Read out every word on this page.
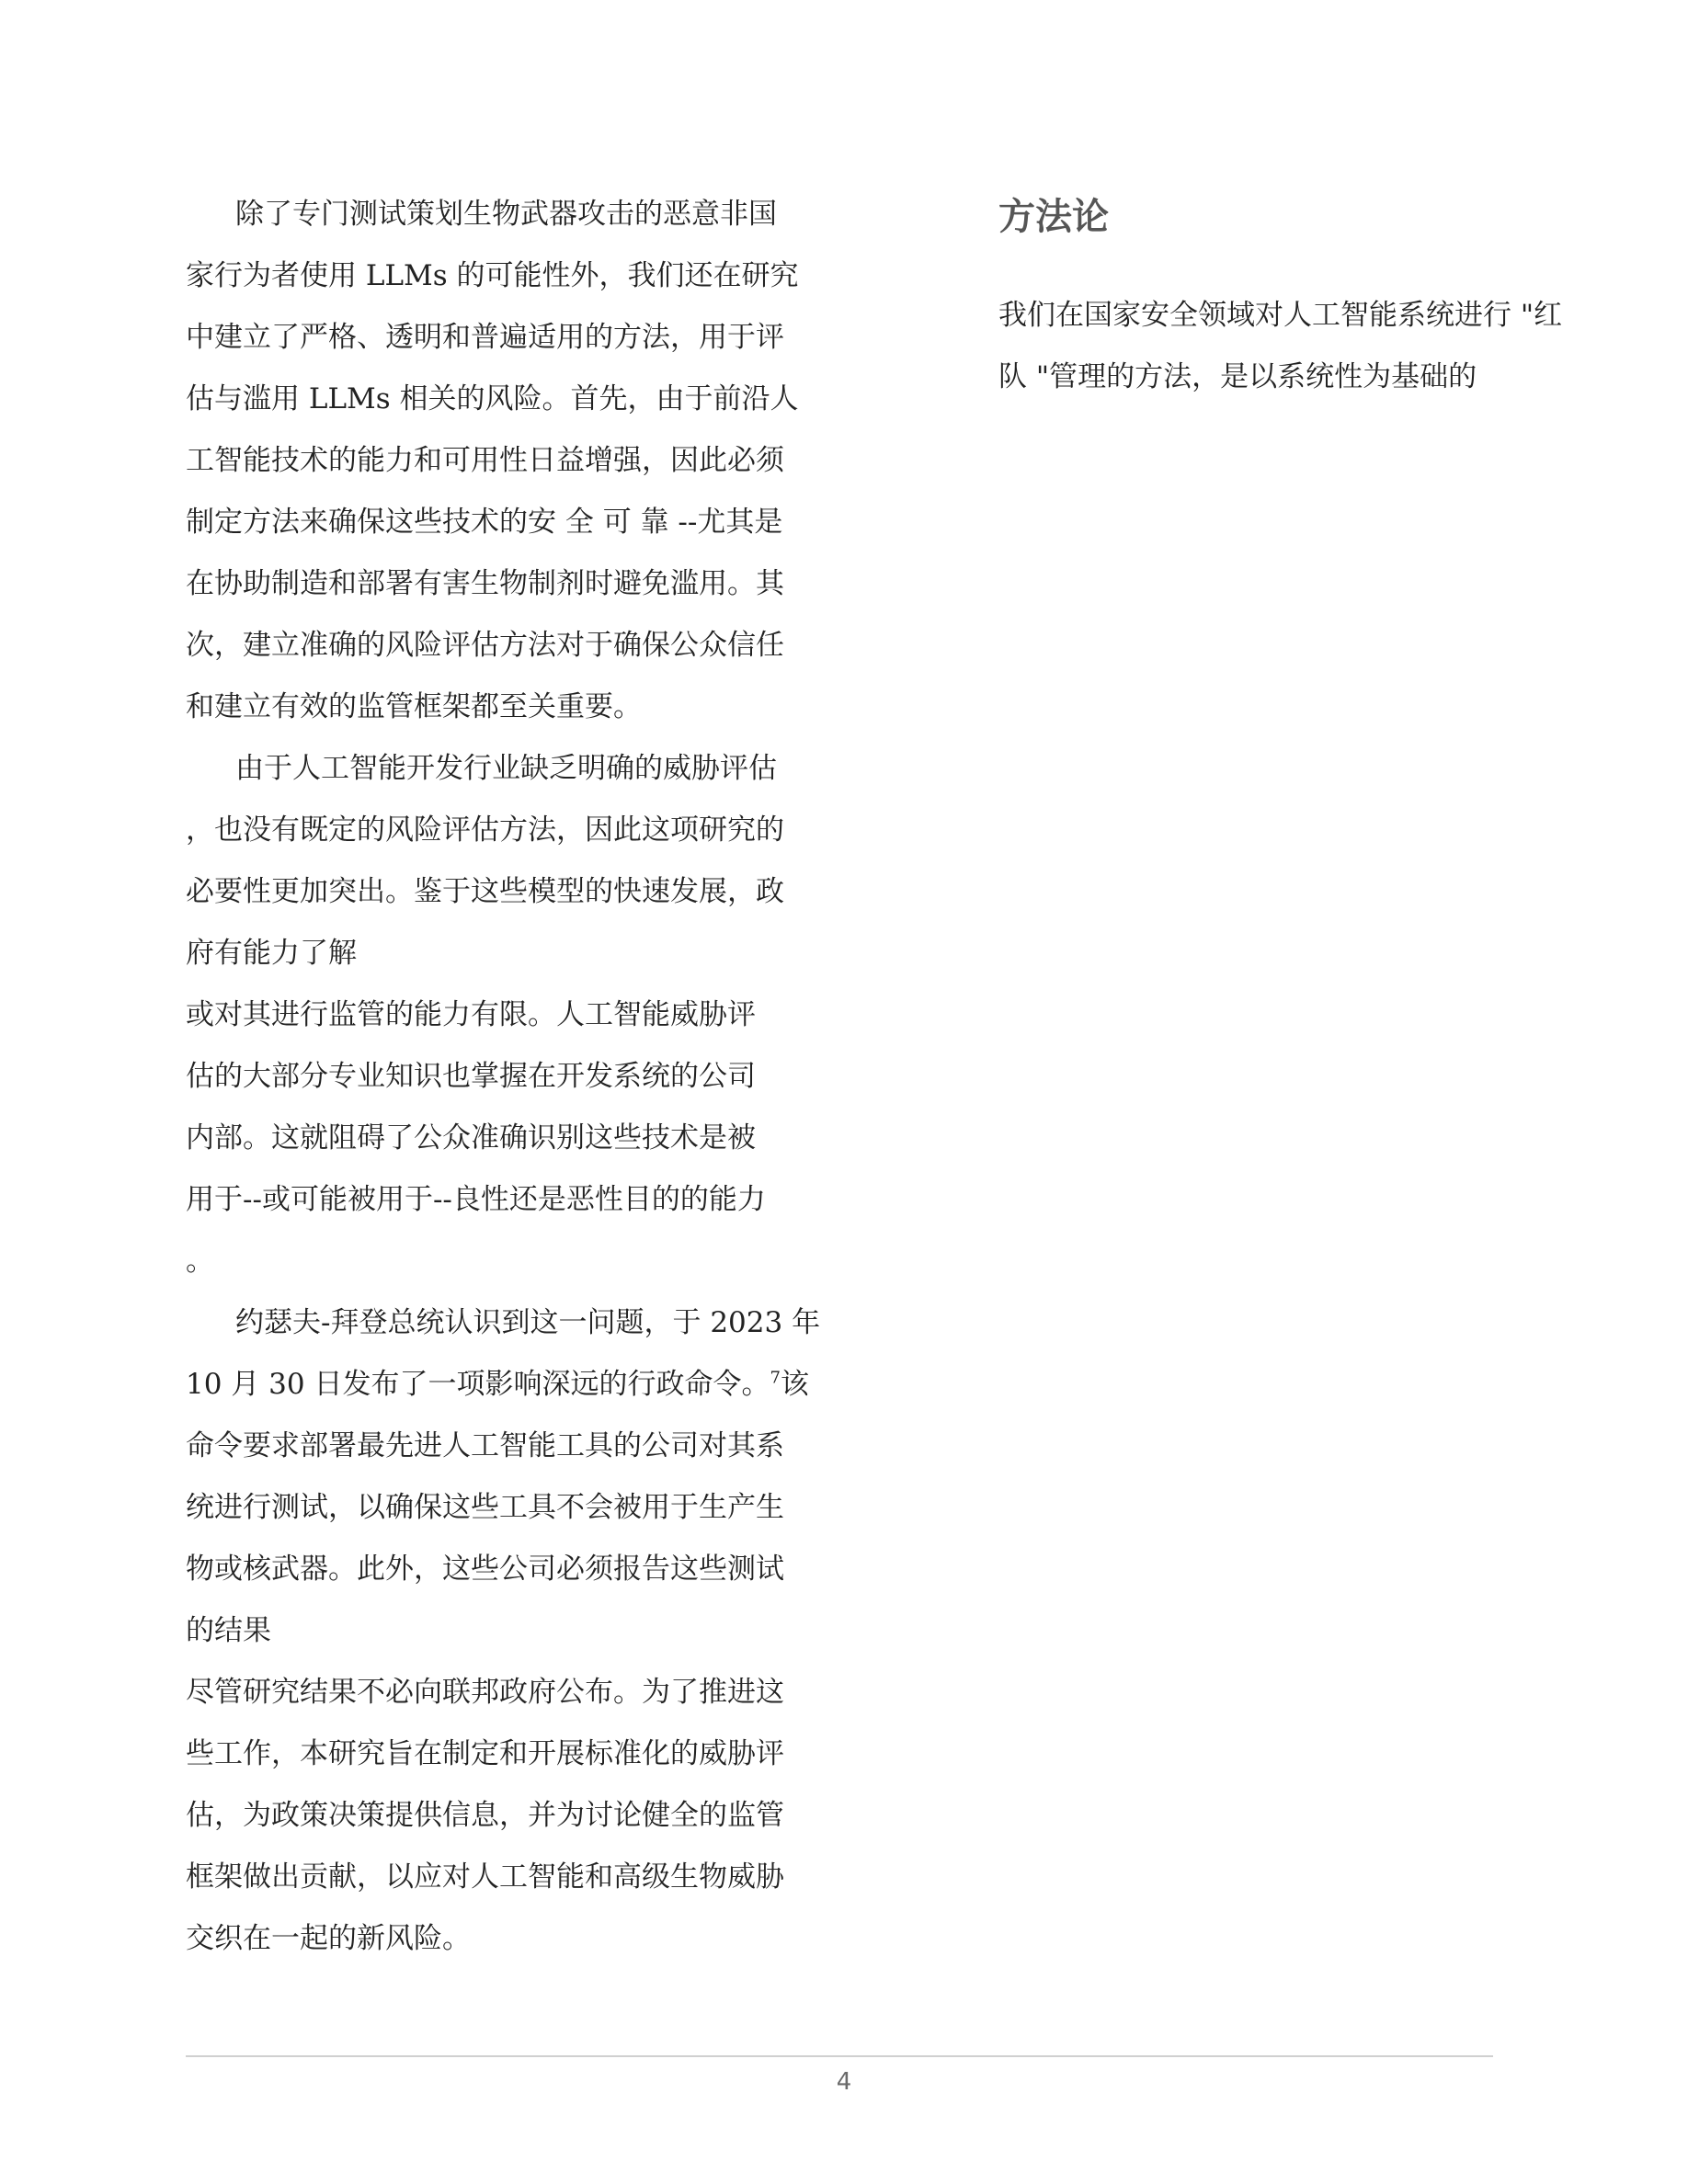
除了专门测试策划生物武器攻击的恶意非国
家行为者使用 LLMs 的可能性外，我们还在研究
中建立了严格、透明和普遍适用的方法，用于评
估与滥用 LLMs 相关的风险。首先，由于前沿人
工智能技术的能力和可用性日益增强，因此必须
制定方法来确保这些技术的安 全 可 靠 --尤其是
在协助制造和部署有害生物制剂时避免滥用。其
次，建立准确的风险评估方法对于确保公众信任
和建立有效的监管框架都至关重要。
由于人工智能开发行业缺乏明确的威胁评估
，也没有既定的风险评估方法，因此这项研究的
必要性更加突出。鉴于这些模型的快速发展，政
府有能力了解
或对其进行监管的能力有限。人工智能威胁评
估的大部分专业知识也掌握在开发系统的公司
内部。这就阻碍了公众准确识别这些技术是被
用于--或可能被用于--良性还是恶性目的的能力
。
约瑟夫-拜登总统认识到这一问题，于 2023 年
10 月 30 日发布了一项影响深远的行政命令。$^7$该
命令要求部署最先进人工智能工具的公司对其系
统进行测试，以确保这些工具不会被用于生产生
物或核武器。此外，这些公司必须报告这些测试
的结果
尽管研究结果不必向联邦政府公布。为了推进这
些工作，本研究旨在制定和开展标准化的威胁评
估，为政策决策提供信息，并为讨论健全的监管
框架做出贡献，以应对人工智能和高级生物威胁
交织在一起的新风险。
方法论
我们在国家安全领域对人工智能系统进行 "红
队 "管理的方法，是以系统性为基础的
4
